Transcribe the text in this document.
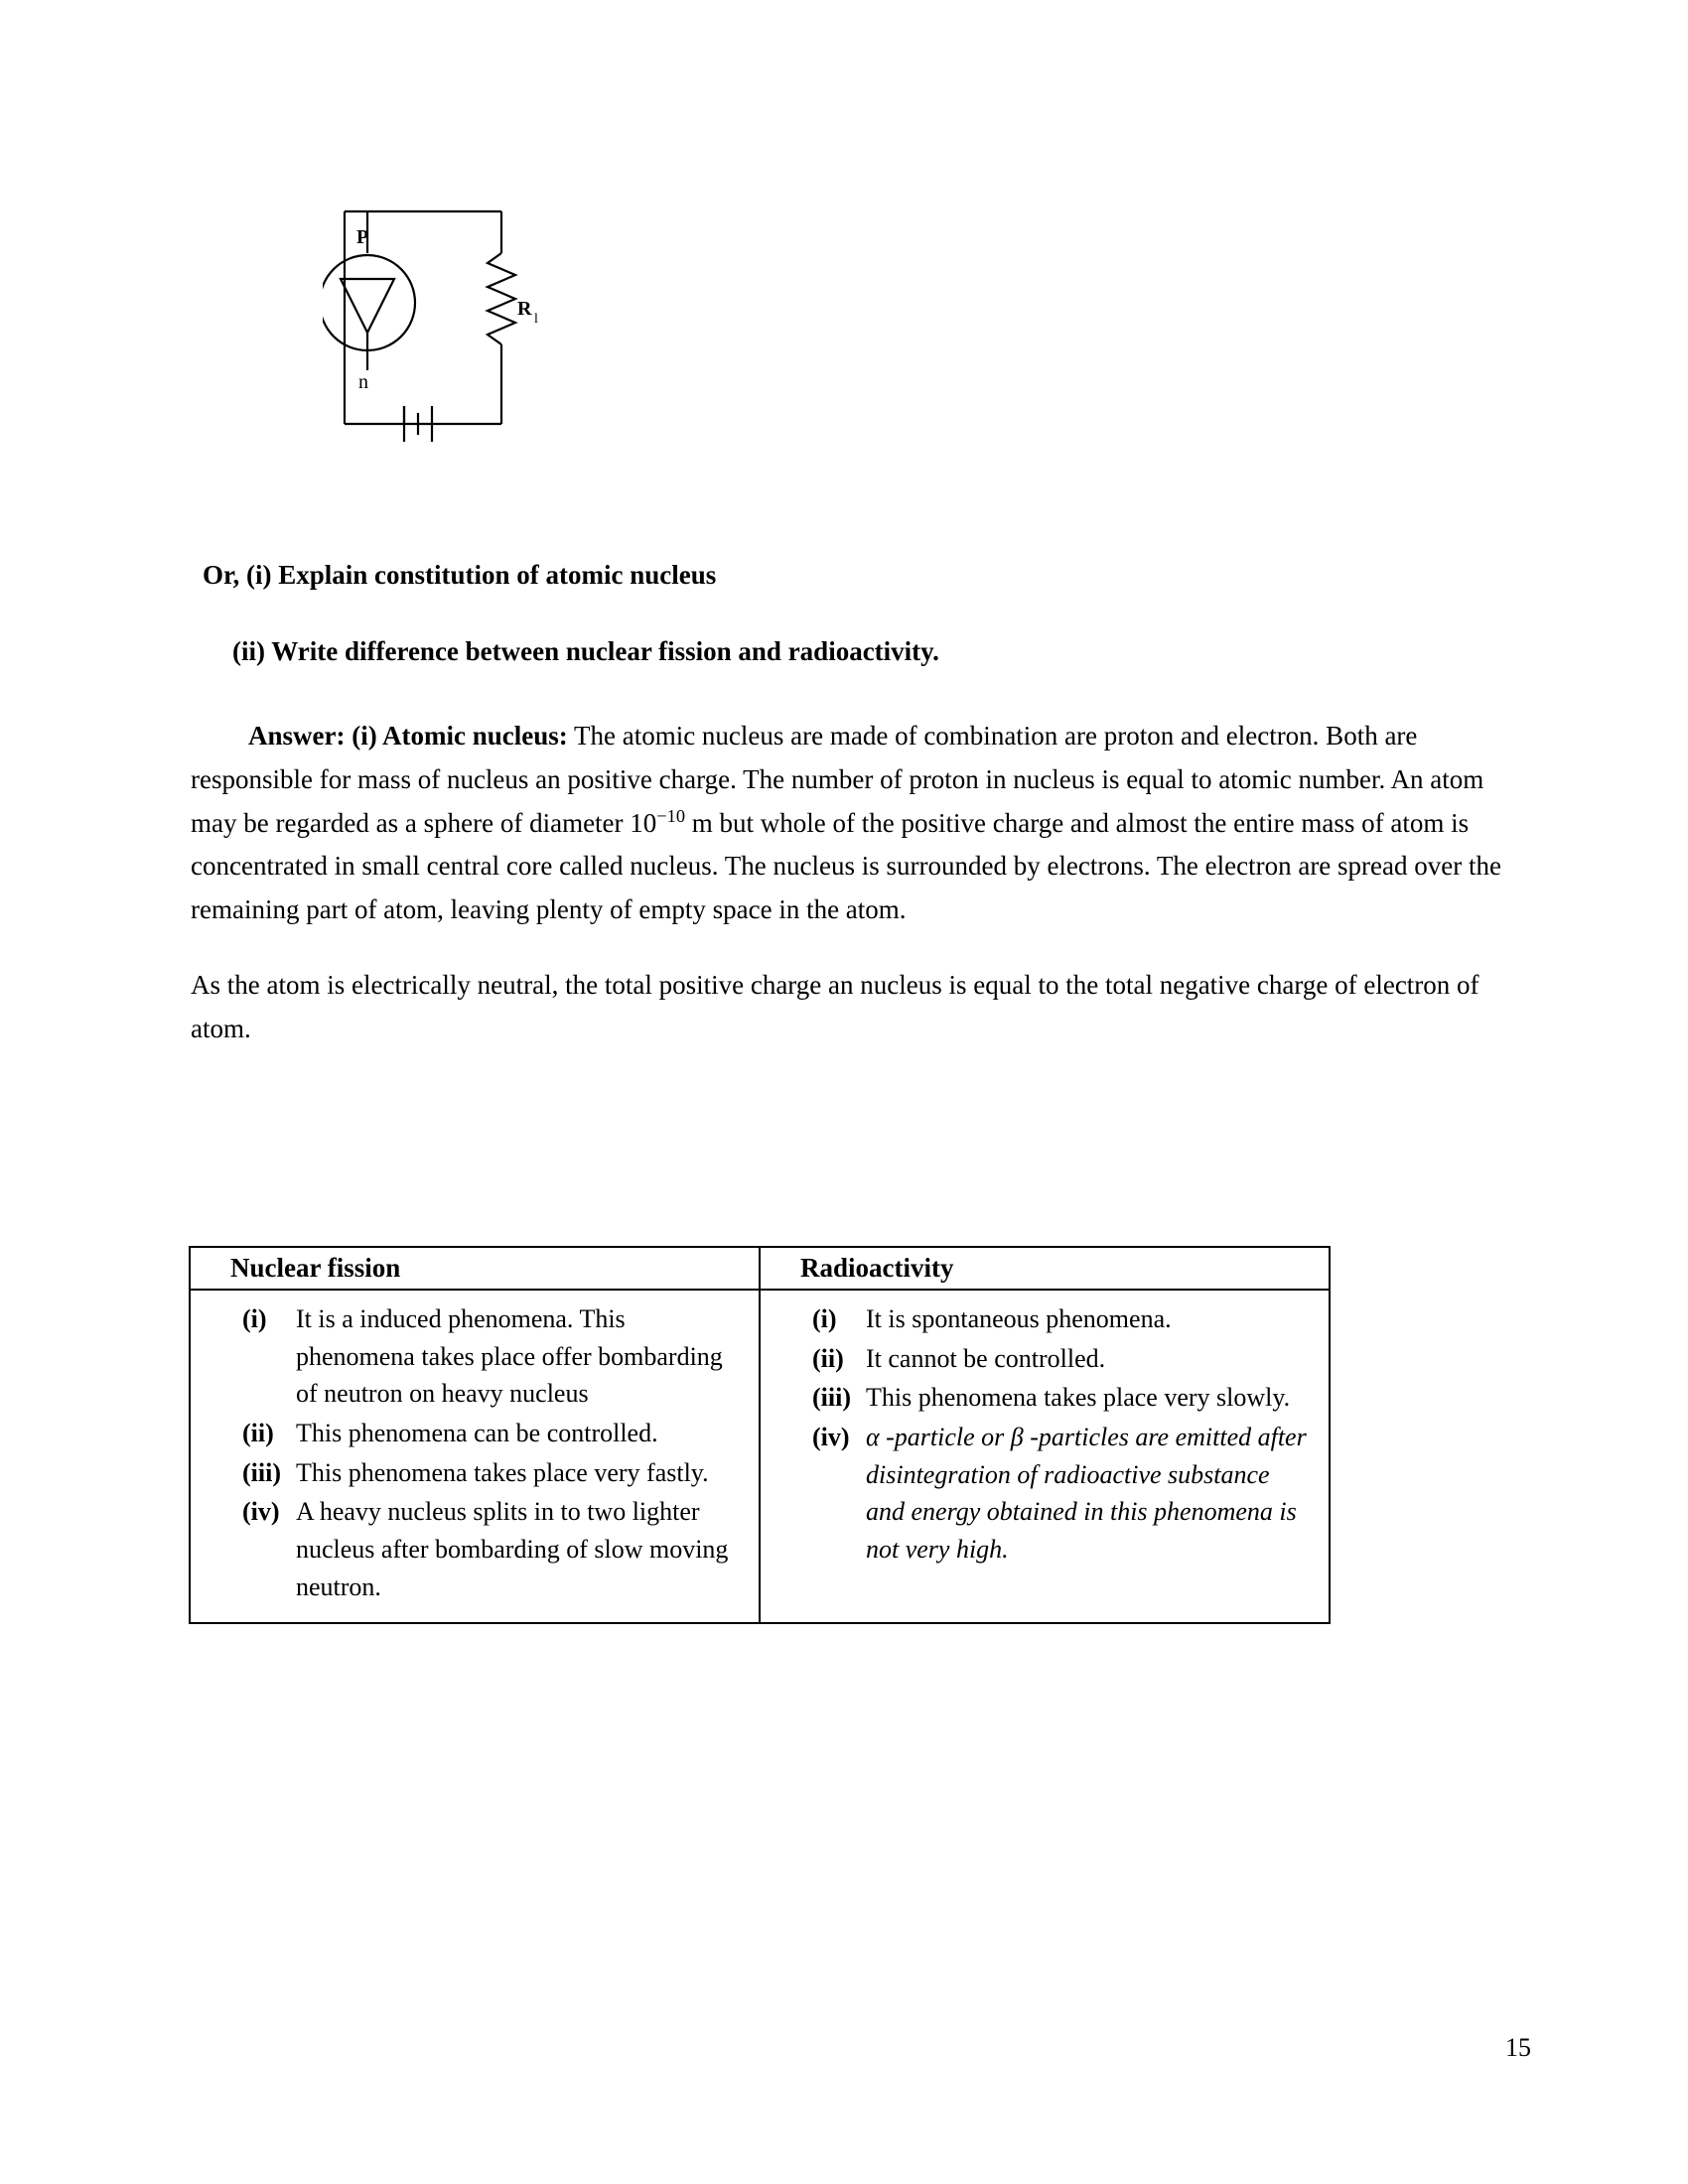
P
n
R l

Or, (i) Explain constitution of atomic nucleus

(ii) Write difference between nuclear fission and radioactivity.

Answer: (i) Atomic nucleus: The atomic nucleus are made of combination are proton and electron. Both are responsible for mass of nucleus an positive charge. The number of proton in nucleus is equal to atomic number. An atom may be regarded as a sphere of diameter $10^{-10}$ m but whole of the positive charge and almost the entire mass of atom is concentrated in small central core called nucleus. The nucleus is surrounded by electrons. The electron are spread over the remaining part of atom, leaving plenty of empty space in the atom.

As the atom is electrically neutral, the total positive charge an nucleus is equal to the total negative charge of electron of atom.

Nuclear fission	Radioactivity

(i)	It is a induced phenomena. This phenomena takes place offer bombarding of neutron on heavy nucleus
(ii) This phenomena can be controlled.
(iii) This phenomena takes place very fastly.
(iv) A heavy nucleus splits in to two lighter nucleus after bombarding of slow moving neutron.

(i)	It is spontaneous phenomena.
(ii) It cannot be controlled.
(iii) This phenomena takes place very slowly.
(iv) α -particle or β -particles are emitted after disintegration of radioactive substance and energy obtained in this phenomena is not very high.
15
